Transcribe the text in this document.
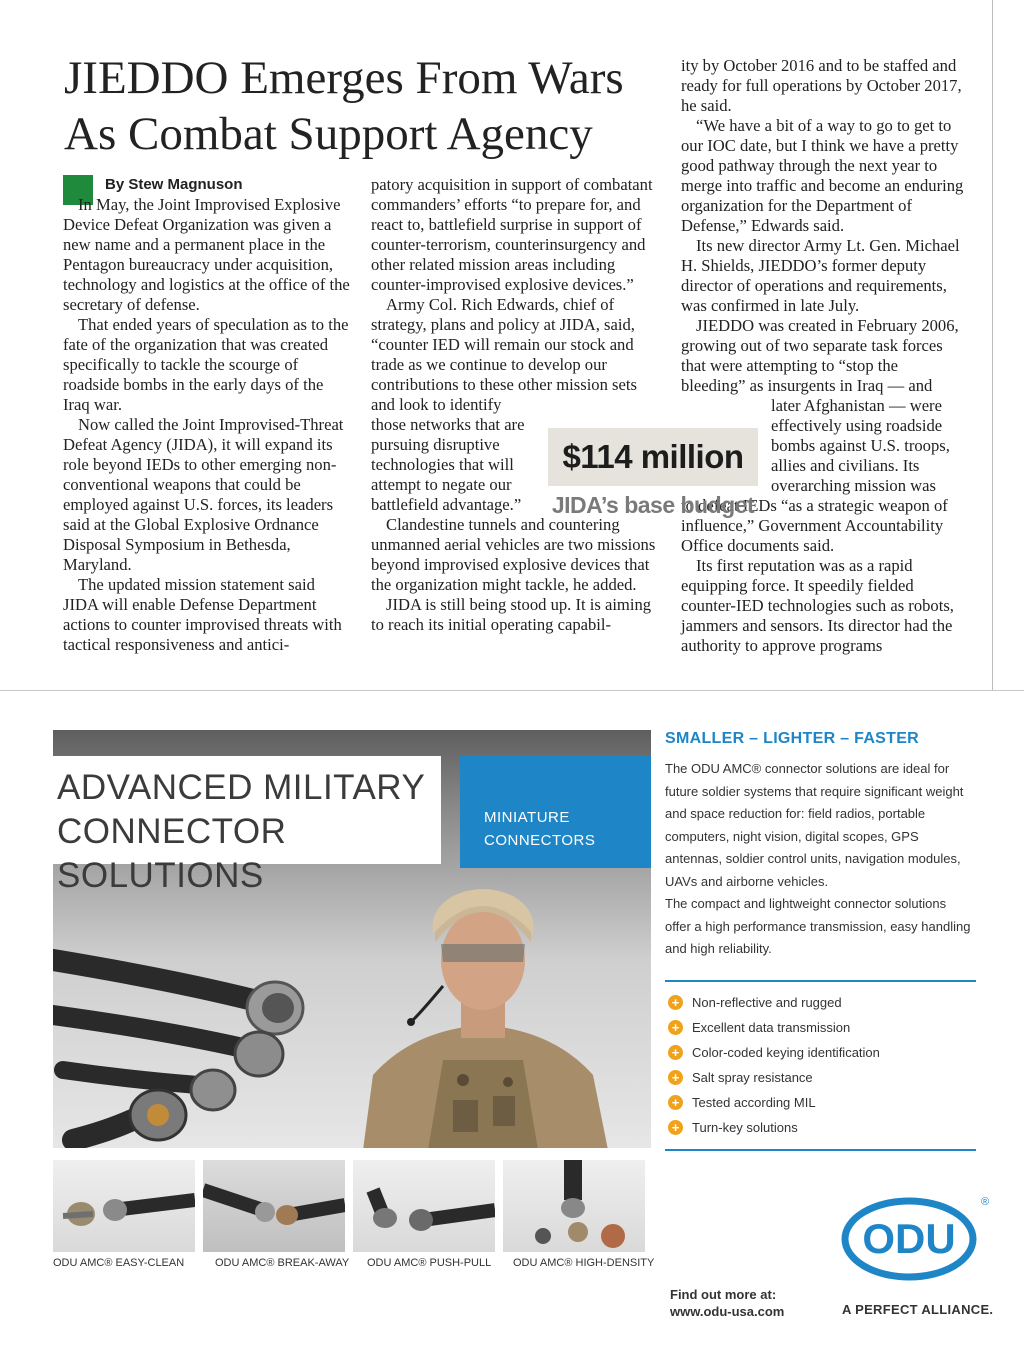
JIEDDO Emerges From Wars
As Combat Support Agency

By Stew Magnuson

In May, the Joint Improvised Explosive Device Defeat Organization was given a new name and a permanent place in the Pentagon bureaucracy under acquisition, technology and logistics at the office of the secretary of defense.

That ended years of speculation as to the fate of the organization that was created specifically to tackle the scourge of roadside bombs in the early days of the Iraq war.

Now called the Joint Improvised-Threat Defeat Agency (JIDA), it will expand its role beyond IEDs to other emerging non-conventional weapons that could be employed against U.S. forces, its leaders said at the Global Explosive Ordnance Disposal Symposium in Bethesda, Maryland.

The updated mission statement said JIDA will enable Defense Department actions to counter improvised threats with tactical responsiveness and antici-

patory acquisition in support of combatant commanders’ efforts “to prepare for, and react to, battlefield surprise in support of counter-terrorism, counterinsurgency and other related mission areas including counter-improvised explosive devices.”

Army Col. Rich Edwards, chief of strategy, plans and policy at JIDA, said, “counter IED will remain our stock and trade as we continue to develop our contributions to these other mission sets and look to identify

those networks that are pursuing disruptive technologies that will attempt to negate our battlefield advantage.”

Clandestine tunnels and countering unmanned aerial vehicles are two missions beyond improvised explosive devices that the organization might tackle, he added.

JIDA is still being stood up. It is aiming to reach its initial operating capabil-

ity by October 2016 and to be staffed and ready for full operations by October 2017, he said.

“We have a bit of a way to go to get to our IOC date, but I think we have a pretty good pathway through the next year to merge into traffic and become an enduring organization for the Department of Defense,” Edwards said.

Its new director Army Lt. Gen. Michael H. Shields, JIEDDO’s former deputy director of operations and requirements, was confirmed in late July.

JIEDDO was created in February 2006, growing out of two separate task forces that were attempting to “stop the bleeding” as insurgents in Iraq — and

later Afghanistan — were effectively using roadside bombs against U.S. troops, allies and civilians. Its overarching mission was

to defeat IEDs “as a strategic weapon of influence,” Government Accountability Office documents said.

Its first reputation was as a rapid equipping force. It speedily fielded counter-IED technologies such as robots, jammers and sensors. Its director had the authority to approve programs

$114 million
JIDA’s base budget
ADVANCED MILITARY
CONNECTOR SOLUTIONS
MINIATURE
CONNECTORS
ODU AMC® EASY-CLEAN	ODU AMC® BREAK-AWAY	ODU AMC® PUSH-PULL	ODU AMC® HIGH-DENSITY
SMALLER – LIGHTER – FASTER
The ODU AMC® connector solutions are ideal for future soldier systems that require significant weight and space reduction for: field radios, portable computers, night vision, digital scopes, GPS antennas, soldier control units, navigation modules, UAVs and airborne vehicles.
The compact and lightweight connector solutions offer a high performance transmission, easy handling and high reliability.
+ Non-reflective and rugged
+ Excellent data transmission
+ Color-coded keying identification
+ Salt spray resistance
+ Tested according MIL
+ Turn-key solutions
ODU
®
Find out more at:
www.odu-usa.com	A PERFECT ALLIANCE.
